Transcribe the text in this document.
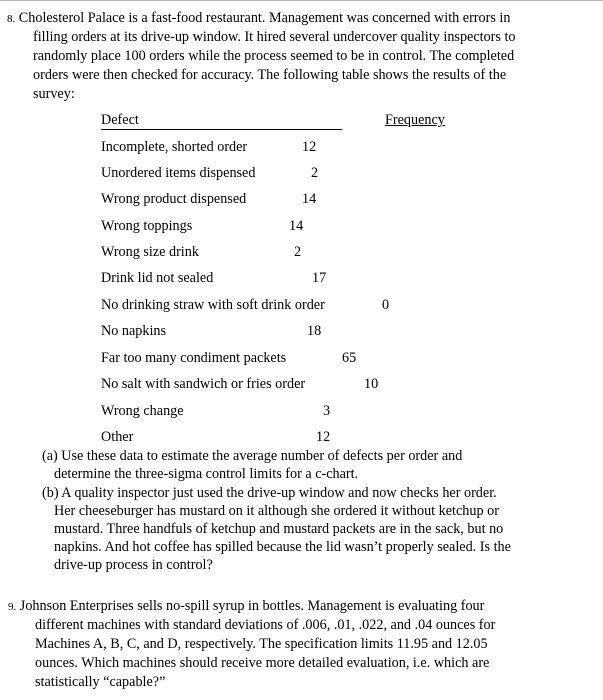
8. Cholesterol Palace is a fast-food restaurant. Management was concerned with errors in
filling orders at its drive-up window. It hired several undercover quality inspectors to
randomly place 100 orders while the process seemed to be in control. The completed
orders were then checked for accuracy. The following table shows the results of the
survey:
Defect	Frequency
Incomplete, shorted order	12
Unordered items dispensed	2
Wrong product dispensed	14
Wrong toppings	14
Wrong size drink	2
Drink lid not sealed	17
No drinking straw with soft drink order	0
No napkins	18
Far too many condiment packets	65
No salt with sandwich or fries order	10
Wrong change	3
Other	12
(a) Use these data to estimate the average number of defects per order and
determine the three-sigma control limits for a c-chart.
(b) A quality inspector just used the drive-up window and now checks her order.
Her cheeseburger has mustard on it although she ordered it without ketchup or
mustard. Three handfuls of ketchup and mustard packets are in the sack, but no
napkins. And hot coffee has spilled because the lid wasn’t properly sealed. Is the
drive-up process in control?
9. Johnson Enterprises sells no-spill syrup in bottles. Management is evaluating four
different machines with standard deviations of .006, .01, .022, and .04 ounces for
Machines A, B, C, and D, respectively. The specification limits 11.95 and 12.05
ounces. Which machines should receive more detailed evaluation, i.e. which are
statistically “capable?”
